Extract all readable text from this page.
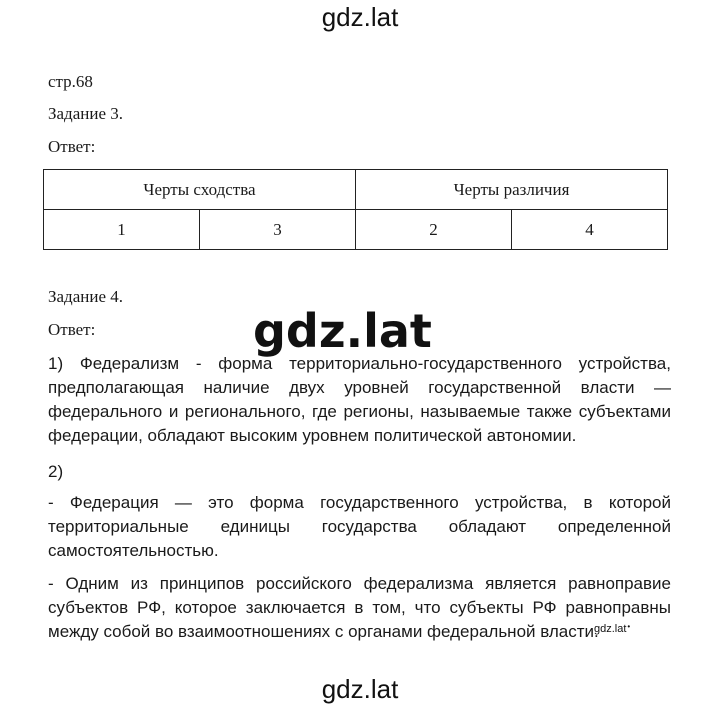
gdz.lat
стр.68
Задание 3.
Ответ:
Черты сходства		Черты различия	
1	3	2	4
Задание 4.
Ответ:	gdz.lat

1) Федерализм - форма территориально-государственного устройства, предполагающая наличие двух уровней государственной власти — федерального и регионального, где регионы, называемые также субъектами федерации, обладают высоким уровнем политической автономии.

2)

- Федерация — это форма государственного устройства, в которой территориальные единицы государства обладают определенной самостоятельностью.

- Одним из принципов российского федерализма является равноправие субъектов РФ, которое заключается в том, что субъекты РФ равноправны между собой во взаимоотношениях с органами федеральной власти.

gdz.lat •
gdz.lat
